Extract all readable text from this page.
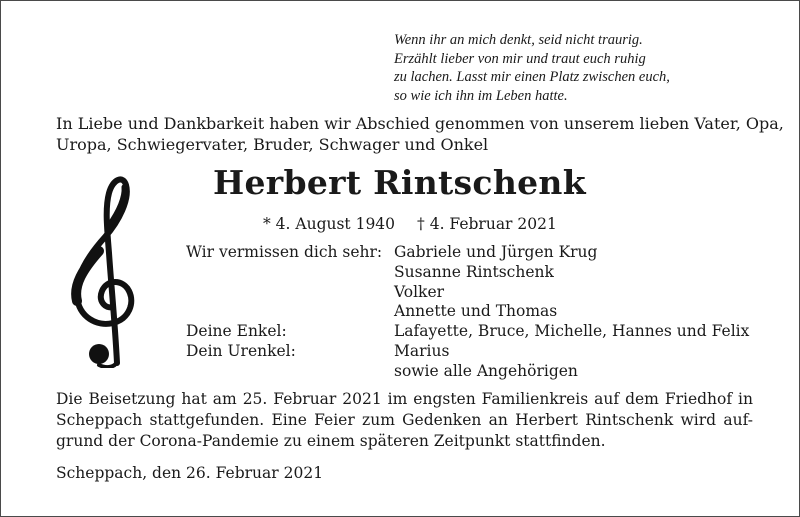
Wenn ihr an mich denkt, seid nicht traurig.
Erzählt lieber von mir und traut euch ruhig
zu lachen. Lasst mir einen Platz zwischen euch,
so wie ich ihn im Leben hatte.
In Liebe und Dankbarkeit haben wir Abschied genommen von unserem lieben Vater, Opa,
Uropa, Schwiegervater, Bruder, Schwager und Onkel
Herbert Rintschenk
* 4. August 1940 † 4. Februar 2021
Wir vermissen dich sehr: Gabriele und Jürgen Krug
Susanne Rintschenk
Volker
Annette und Thomas
Deine Enkel:	Lafayette, Bruce, Michelle, Hannes und Felix
Dein Urenkel:	Marius
sowie alle Angehörigen
Die Beisetzung hat am 25. Februar 2021 im engsten Familienkreis auf dem Friedhof in
Scheppach stattgefunden. Eine Feier zum Gedenken an Herbert Rintschenk wird auf-
grund der Corona-Pandemie zu einem späteren Zeitpunkt stattfinden.
Scheppach, den 26. Februar 2021
